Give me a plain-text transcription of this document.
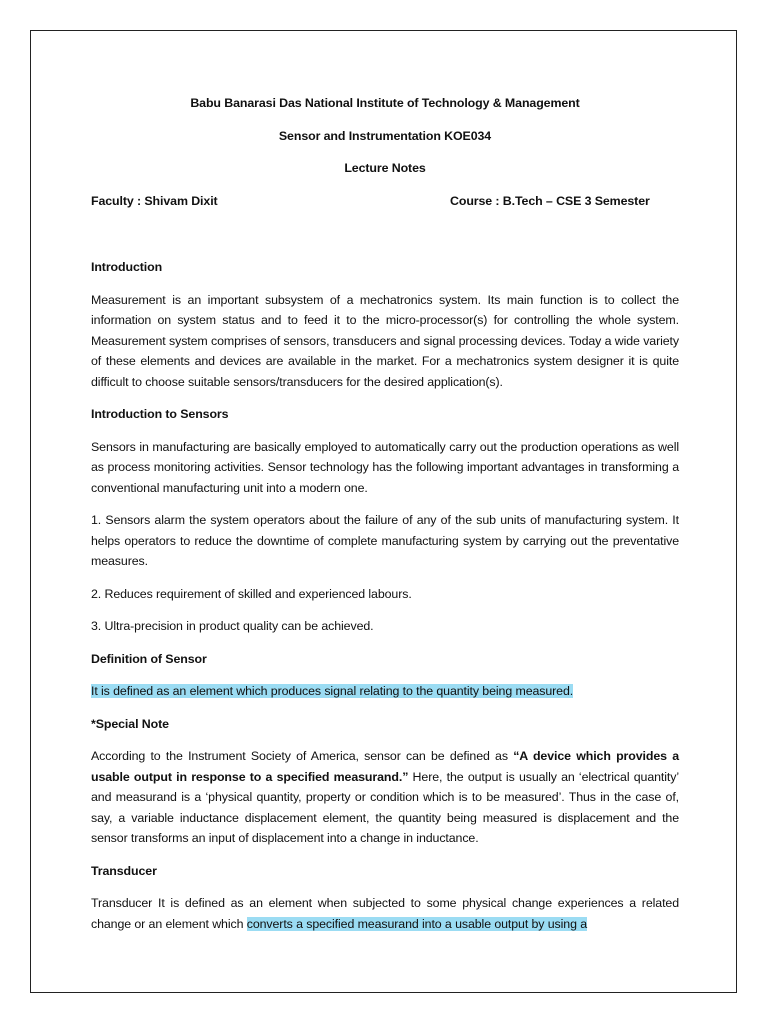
Babu Banarasi Das National Institute of Technology & Management
Sensor and Instrumentation KOE034
Lecture Notes
Faculty : Shivam Dixit	Course : B.Tech – CSE 3 Semester
Introduction

Measurement is an important subsystem of a mechatronics system. Its main function is to collect the information on system status and to feed it to the micro-processor(s) for controlling the whole system. Measurement system comprises of sensors, transducers and signal processing devices. Today a wide variety of these elements and devices are available in the market. For a mechatronics system designer it is quite difficult to choose suitable sensors/transducers for the desired application(s).

Introduction to Sensors

Sensors in manufacturing are basically employed to automatically carry out the production operations as well as process monitoring activities. Sensor technology has the following important advantages in transforming a conventional manufacturing unit into a modern one.

1. Sensors alarm the system operators about the failure of any of the sub units of manufacturing system. It helps operators to reduce the downtime of complete manufacturing system by carrying out the preventative measures.

2. Reduces requirement of skilled and experienced labours.

3. Ultra-precision in product quality can be achieved.

Definition of Sensor

It is defined as an element which produces signal relating to the quantity being measured.

*Special Note

According to the Instrument Society of America, sensor can be defined as “A device which provides a usable output in response to a specified measurand.” Here, the output is usually an ‘electrical quantity’ and measurand is a ‘physical quantity, property or condition which is to be measured’. Thus in the case of, say, a variable inductance displacement element, the quantity being measured is displacement and the sensor transforms an input of displacement into a change in inductance.

Transducer

Transducer It is defined as an element when subjected to some physical change experiences a related change or an element which converts a specified measurand into a usable output by using a
